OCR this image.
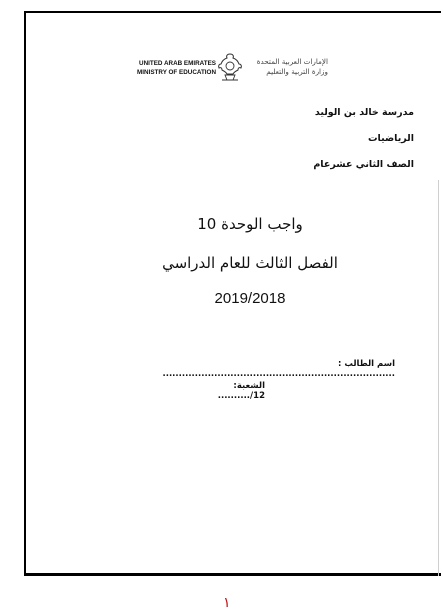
UNITED ARAB EMIRATES
MINISTRY OF EDUCATION
الإمارات العربية المتحدة
وزارة التربية والتعليم
مدرسة خالد بن الوليد
الرياضيات
الصف الثاني عشرعام
واجب الوحدة 10
الفصل الثالث للعام الدراسي
2019/2018
اسم الطالب : ........................................................................
الشعبة: 12/..........
١
